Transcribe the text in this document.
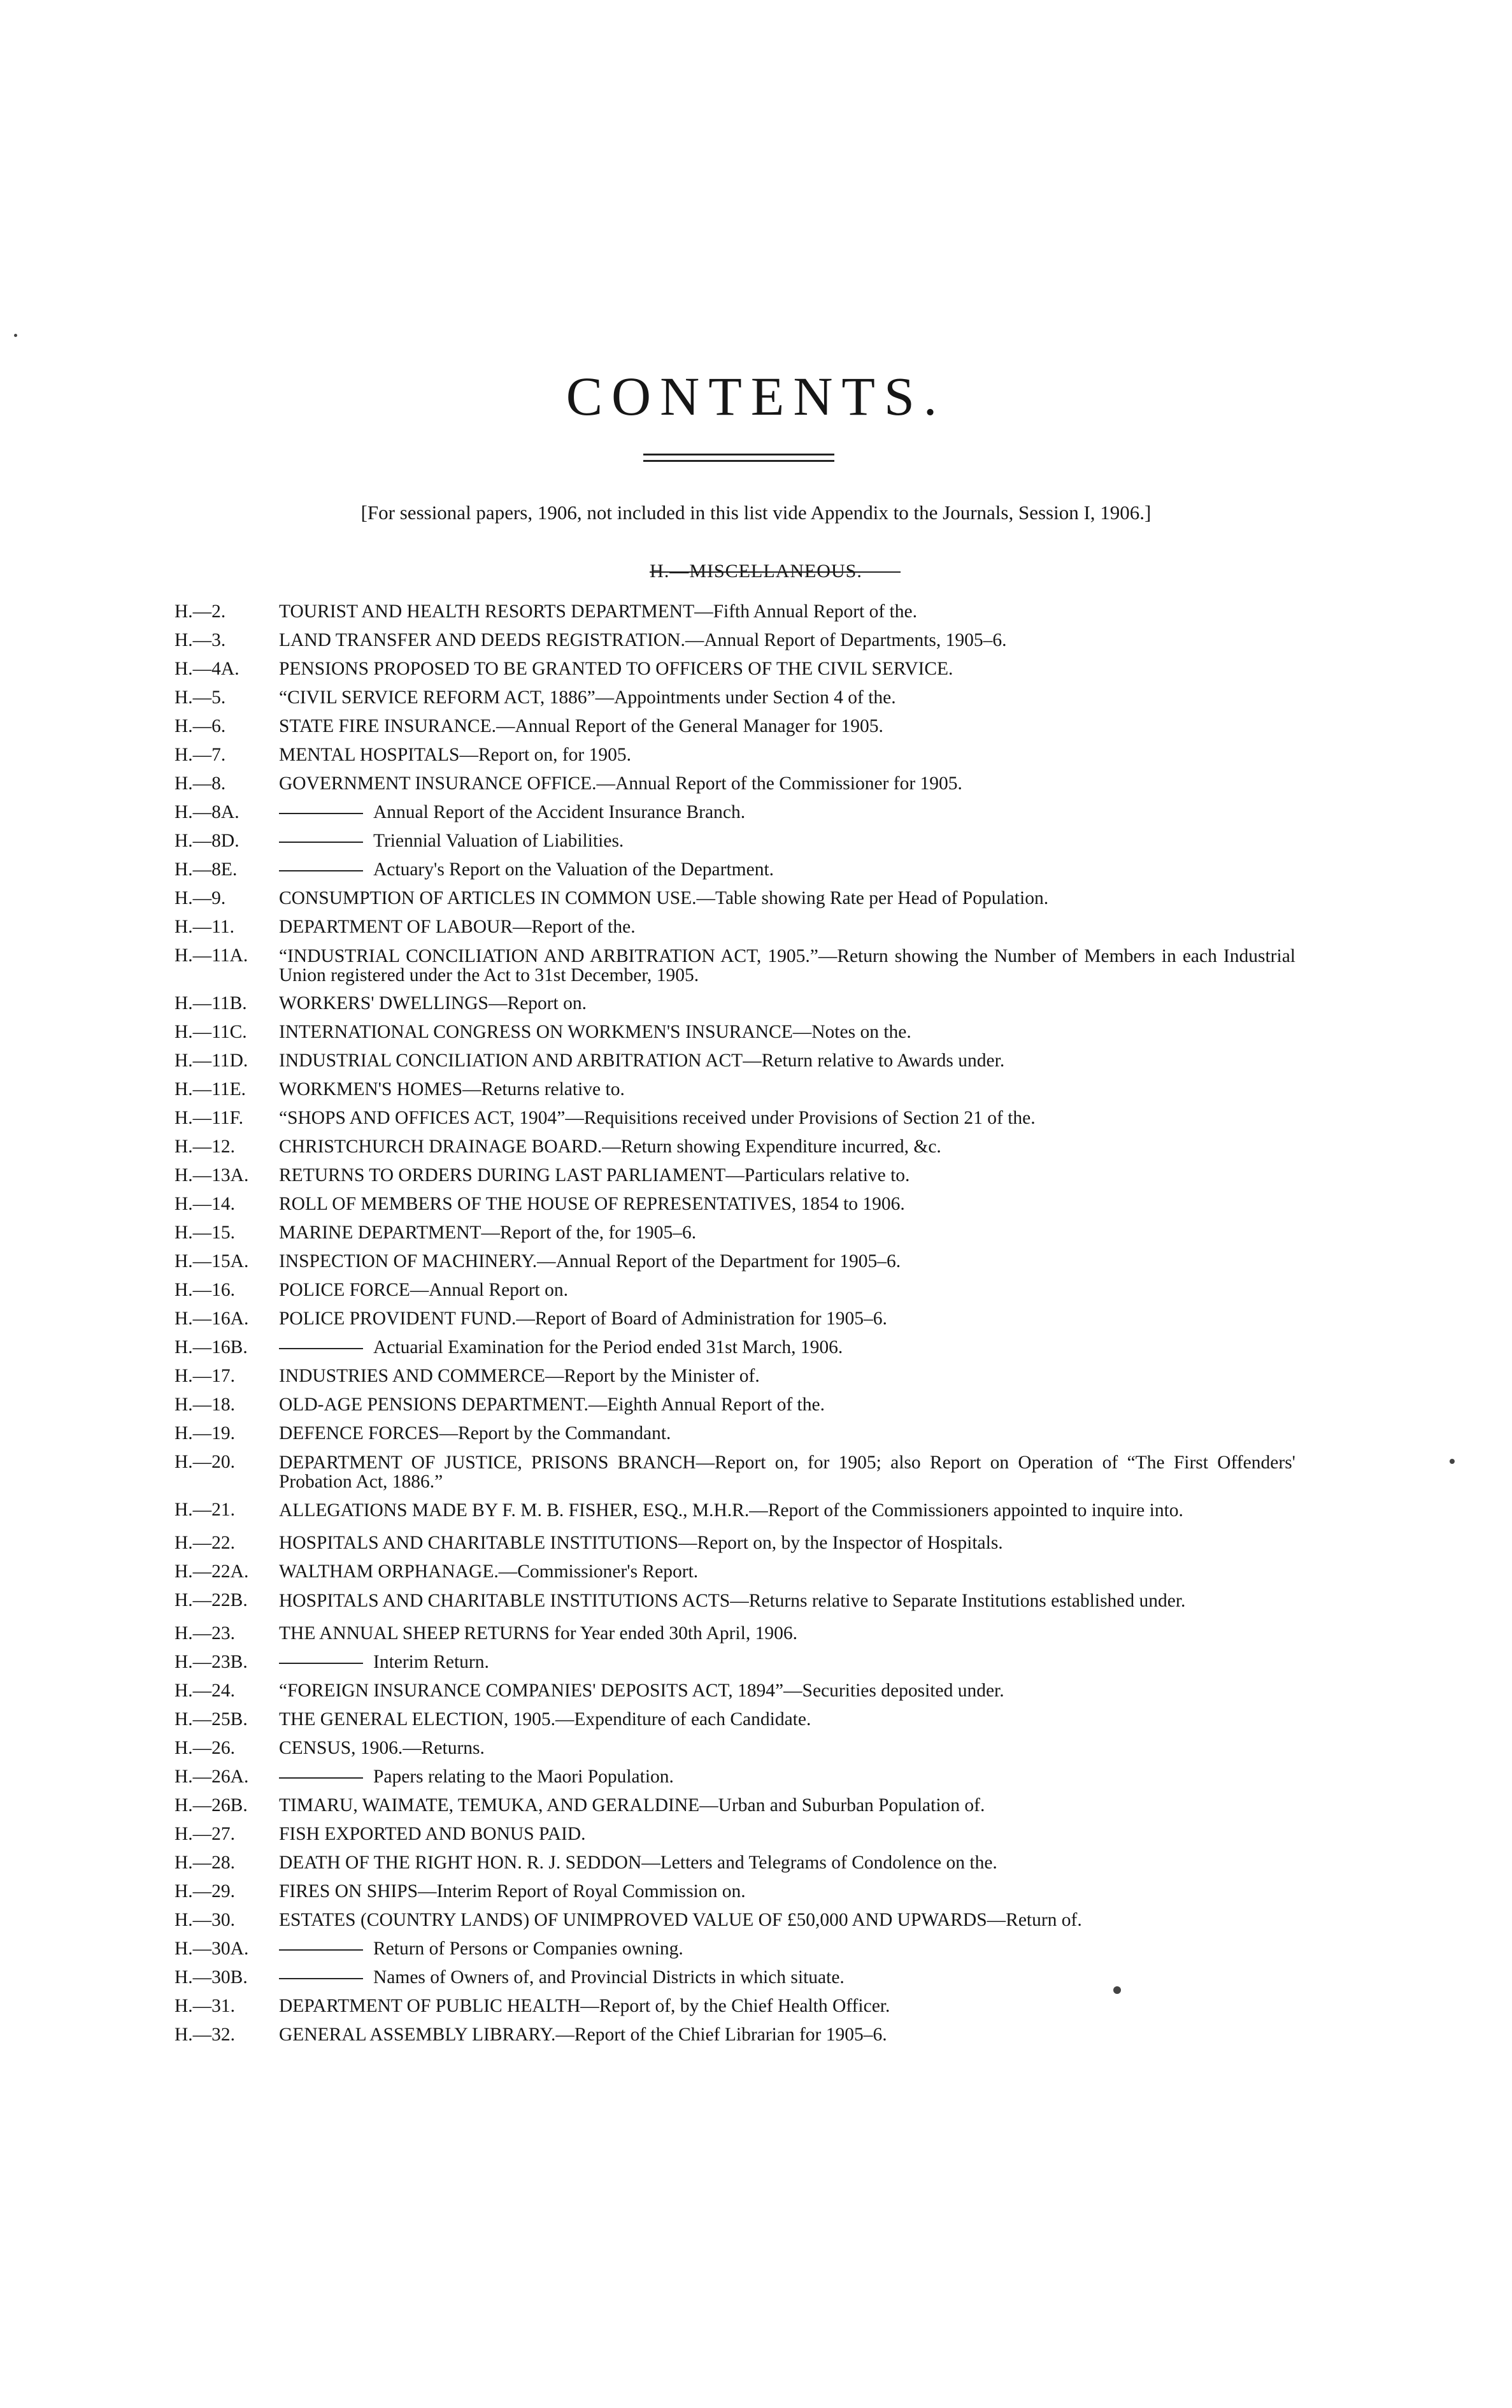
CONTENTS.
[For sessional papers, 1906, not included in this list vide Appendix to the Journals, Session I, 1906.]
H.—MISCELLANEOUS.
H.—2.	TOURIST AND HEALTH RESORTS DEPARTMENT—Fifth Annual Report of the.
H.—3.	LAND TRANSFER AND DEEDS REGISTRATION.—Annual Report of Departments, 1905–6.
H.—4A.	PENSIONS PROPOSED TO BE GRANTED TO OFFICERS OF THE CIVIL SERVICE.
H.—5.	“CIVIL SERVICE REFORM ACT, 1886”—Appointments under Section 4 of the.
H.—6.	STATE FIRE INSURANCE.—Annual Report of the General Manager for 1905.
H.—7.	MENTAL HOSPITALS—Report on, for 1905.
H.—8.	GOVERNMENT INSURANCE OFFICE.—Annual Report of the Commissioner for 1905.
H.—8A.	Annual Report of the Accident Insurance Branch.
H.—8D.	Triennial Valuation of Liabilities.
H.—8E.	Actuary's Report on the Valuation of the Department.
H.—9.	CONSUMPTION OF ARTICLES IN COMMON USE.—Table showing Rate per Head of Population.
H.—11.	DEPARTMENT OF LABOUR—Report of the.
H.—11A.	“INDUSTRIAL CONCILIATION AND ARBITRATION ACT, 1905.”—Return showing the Number of Members in each Industrial Union registered under the Act to 31st December, 1905.
H.—11B.	WORKERS' DWELLINGS—Report on.
H.—11C.	INTERNATIONAL CONGRESS ON WORKMEN'S INSURANCE—Notes on the.
H.—11D.	INDUSTRIAL CONCILIATION AND ARBITRATION ACT—Return relative to Awards under.
H.—11E.	WORKMEN'S HOMES—Returns relative to.
H.—11F.	“SHOPS AND OFFICES ACT, 1904”—Requisitions received under Provisions of Section 21 of the.
H.—12.	CHRISTCHURCH DRAINAGE BOARD.—Return showing Expenditure incurred, &c.
H.—13A.	RETURNS TO ORDERS DURING LAST PARLIAMENT—Particulars relative to.
H.—14.	ROLL OF MEMBERS OF THE HOUSE OF REPRESENTATIVES, 1854 to 1906.
H.—15.	MARINE DEPARTMENT—Report of the, for 1905–6.
H.—15A.	INSPECTION OF MACHINERY.—Annual Report of the Department for 1905–6.
H.—16.	POLICE FORCE—Annual Report on.
H.—16A.	POLICE PROVIDENT FUND.—Report of Board of Administration for 1905–6.
H.—16B.	Actuarial Examination for the Period ended 31st March, 1906.
H.—17.	INDUSTRIES AND COMMERCE—Report by the Minister of.
H.—18.	OLD-AGE PENSIONS DEPARTMENT.—Eighth Annual Report of the.
H.—19.	DEFENCE FORCES—Report by the Commandant.
H.—20.	DEPARTMENT OF JUSTICE, PRISONS BRANCH—Report on, for 1905; also Report on Operation of “The First Offenders' Probation Act, 1886.”
H.—21.	ALLEGATIONS MADE BY F. M. B. FISHER, ESQ., M.H.R.—Report of the Commissioners appointed to inquire into.
H.—22.	HOSPITALS AND CHARITABLE INSTITUTIONS—Report on, by the Inspector of Hospitals.
H.—22A.	WALTHAM ORPHANAGE.—Commissioner's Report.
H.—22B.	HOSPITALS AND CHARITABLE INSTITUTIONS ACTS—Returns relative to Separate Institutions established under.
H.—23.	THE ANNUAL SHEEP RETURNS for Year ended 30th April, 1906.
H.—23B.	Interim Return.
H.—24.	“FOREIGN INSURANCE COMPANIES' DEPOSITS ACT, 1894”—Securities deposited under.
H.—25B.	THE GENERAL ELECTION, 1905.—Expenditure of each Candidate.
H.—26.	CENSUS, 1906.—Returns.
H.—26A.	Papers relating to the Maori Population.
H.—26B.	TIMARU, WAIMATE, TEMUKA, AND GERALDINE—Urban and Suburban Population of.
H.—27.	FISH EXPORTED AND BONUS PAID.
H.—28.	DEATH OF THE RIGHT HON. R. J. SEDDON—Letters and Telegrams of Condolence on the.
H.—29.	FIRES ON SHIPS—Interim Report of Royal Commission on.
H.—30.	ESTATES (COUNTRY LANDS) OF UNIMPROVED VALUE OF £50,000 AND UPWARDS—Return of.
H.—30A.	Return of Persons or Companies owning.
H.—30B.	Names of Owners of, and Provincial Districts in which situate.
H.—31.	DEPARTMENT OF PUBLIC HEALTH—Report of, by the Chief Health Officer.
H.—32.	GENERAL ASSEMBLY LIBRARY.—Report of the Chief Librarian for 1905–6.
